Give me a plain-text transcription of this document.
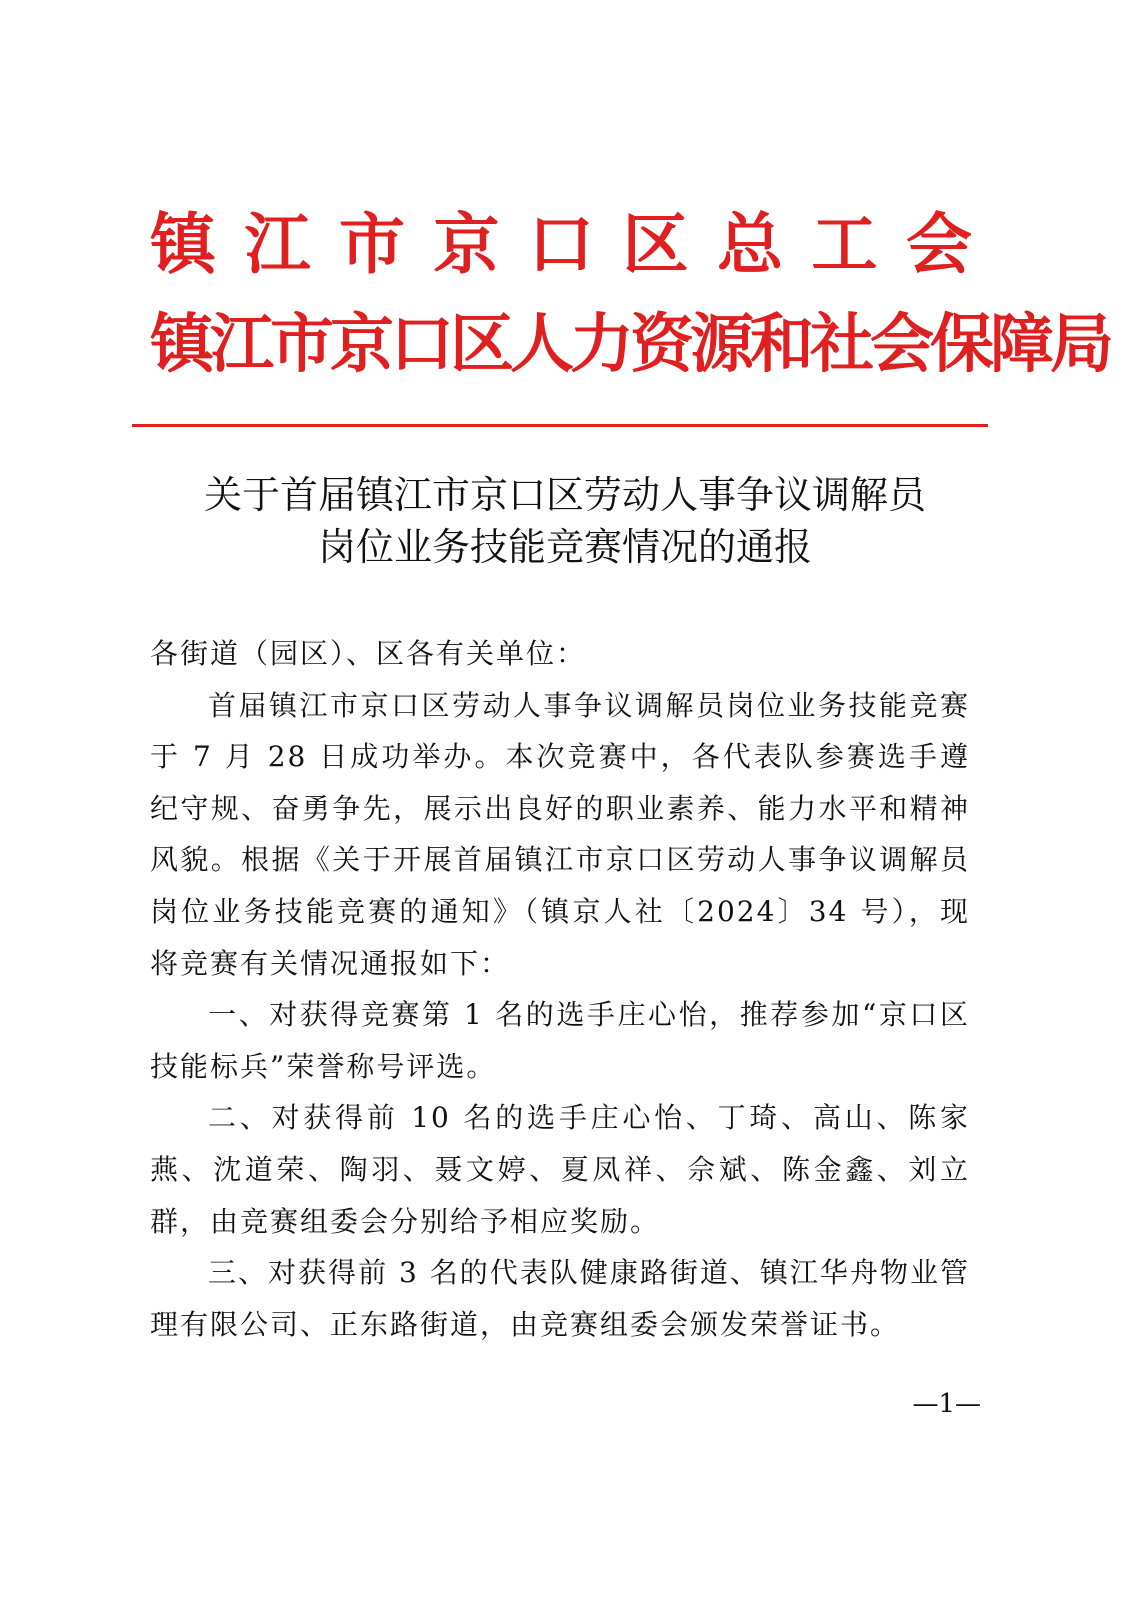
镇江市京口区总工会
镇江市京口区人力资源和社会保障局
关于首届镇江市京口区劳动人事争议调解员
岗位业务技能竞赛情况的通报

各街道（园区）、区各有关单位：

首届镇江市京口区劳动人事争议调解员岗位业务技能竞赛于 7 月 28 日成功举办。本次竞赛中，各代表队参赛选手遵纪守规、奋勇争先，展示出良好的职业素养、能力水平和精神风貌。根据《关于开展首届镇江市京口区劳动人事争议调解员岗位业务技能竞赛的通知》（镇京人社〔2024〕34 号），现将竞赛有关情况通报如下：

一、对获得竞赛第 1 名的选手庄心怡，推荐参加“京口区技能标兵”荣誉称号评选。

二、对获得前 10 名的选手庄心怡、丁琦、高山、陈家燕、沈道荣、陶羽、聂文婷、夏凤祥、佘斌、陈金鑫、刘立群，由竞赛组委会分别给予相应奖励。

三、对获得前 3 名的代表队健康路街道、镇江华舟物业管理有限公司、正东路街道，由竞赛组委会颁发荣誉证书。

—1—
